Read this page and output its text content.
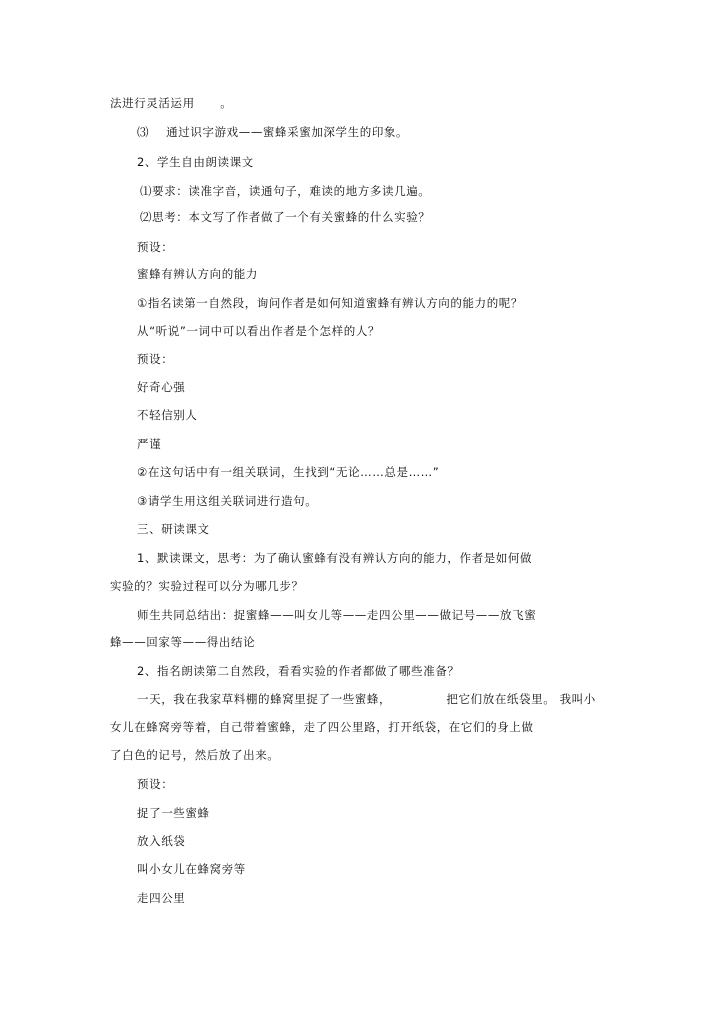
法进行灵活运用      。
⑶    通过识字游戏——蜜蜂采蜜加深学生的印象。
2、学生自由朗读课文
⑴要求：读准字音，读通句子，难读的地方多读几遍。
⑵思考：本文写了作者做了一个有关蜜蜂的什么实验？
预设：
蜜蜂有辨认方向的能力
①指名读第一自然段，询问作者是如何知道蜜蜂有辨认方向的能力的呢？
从“听说”一词中可以看出作者是个怎样的人？
预设：
好奇心强
不轻信别人
严谨
②在这句话中有一组关联词，生找到“无论……总是……”
③请学生用这组关联词进行造句。
三、研读课文
1、默读课文，思考：为了确认蜜蜂有没有辨认方向的能力，作者是如何做
实验的？实验过程可以分为哪几步？
师生共同总结出：捉蜜蜂——叫女儿等——走四公里——做记号——放飞蜜
蜂——回家等——得出结论
2、指名朗读第二自然段，看看实验的作者都做了哪些准备？
一天，我在我家草料棚的蜂窝里捉了一些蜜蜂，             把它们放在纸袋里。 我叫小
女儿在蜂窝旁等着，自己带着蜜蜂，走了四公里路，打开纸袋，在它们的身上做
了白色的记号，然后放了出来。
预设：
捉了一些蜜蜂
放入纸袋
叫小女儿在蜂窝旁等
走四公里
